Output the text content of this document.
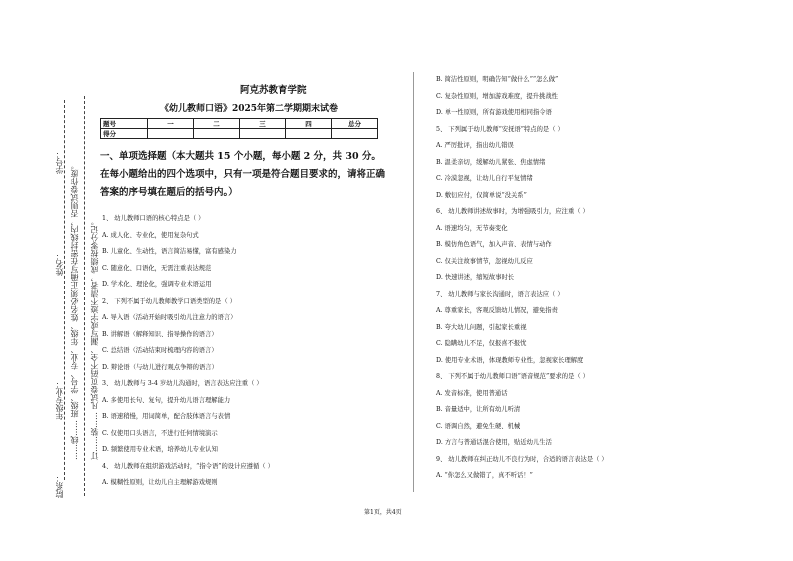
学号：
姓名：
年级专业：
院系：
……线…… 班级、学号、专业、年级、姓名必须正确写在密封线内，否则试卷作废。 订……装…… 凡试卷页码不全、漏写或字迹不清者，成绩按零分记。
阿克苏教育学院
《幼儿教师口语》2025年第二学期期末试卷
题号	一	二	三	四	总分
得分					
一、单项选择题（本大题共 15 个小题，每小题 2 分，共 30 分。在每小题给出的四个选项中，只有一项是符合题目要求的，请将正确答案的序号填在题后的括号内。）
1、 幼儿教师口语的核心特点是（ ）
A. 成人化、专业化，使用复杂句式
B. 儿童化、生动性，语言简洁易懂，富有感染力
C. 随意化、口语化，无需注重表达规范
D. 学术化、理论化，强调专业术语运用
2、 下列不属于幼儿教师教学口语类型的是（ ）
A. 导入语（活动开始时吸引幼儿注意力的语言）
B. 讲解语（解释知识、指导操作的语言）
C. 总结语（活动结束时梳理内容的语言）
D. 辩论语（与幼儿进行观点争辩的语言）
3、 幼儿教师与 3-4 岁幼儿沟通时，语言表达应注重（ ）
A. 多使用长句、复句，提升幼儿语言理解能力
B. 语速稍慢，用词简单，配合肢体语言与表情
C. 仅使用口头语言，不进行任何情境演示
D. 频繁使用专业术语，培养幼儿专业认知
4、 幼儿教师在组织游戏活动时，“指令语”的设计应遵循（ ）
A. 模糊性原则，让幼儿自主理解游戏规则
B. 简洁性原则，明确告知“做什么”“怎么做”
C. 复杂性原则，增加游戏难度，提升挑战性
D. 单一性原则，所有游戏使用相同指令语
5、 下列属于幼儿教师“安抚语”特点的是（ ）
A. 严厉批评，指出幼儿错误
B. 温柔亲切，缓解幼儿紧张、焦虑情绪
C. 冷漠忽视，让幼儿自行平复情绪
D. 敷衍应付，仅简单说“没关系”
6、 幼儿教师讲述故事时，为增强吸引力，应注重（ ）
A. 语速均匀，无节奏变化
B. 模仿角色语气，加入声音、表情与动作
C. 仅关注故事情节，忽视幼儿反应
D. 快速讲述，缩短故事时长
7、 幼儿教师与家长沟通时，语言表达应（ ）
A. 尊重家长，客观反馈幼儿情况，避免指责
B. 夸大幼儿问题，引起家长重视
C. 隐瞒幼儿不足，仅报喜不报忧
D. 使用专业术语，体现教师专业性，忽视家长理解度
8、 下列不属于幼儿教师口语“语音规范”要求的是（ ）
A. 发音标准，使用普通话
B. 音量适中，让所有幼儿听清
C. 语调自然，避免生硬、机械
D. 方言与普通话混合使用，贴近幼儿生活
9、 幼儿教师在纠正幼儿不良行为时，合适的语言表达是（ ）
A. “你怎么又做错了，真不听话！”
第1页，共4页
